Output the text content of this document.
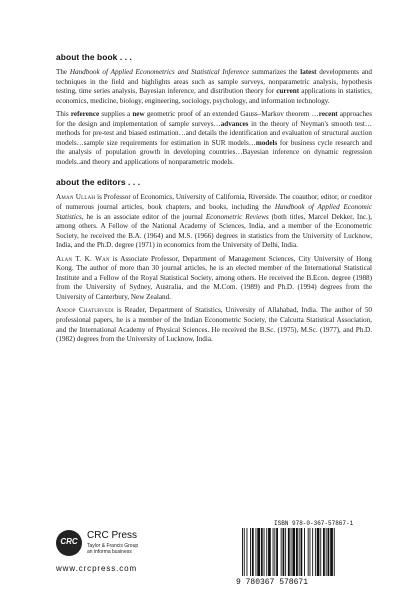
about the book . . .

The Handbook of Applied Econometrics and Statistical Inference summarizes the latest developments and techniques in the field and highlights areas such as sample surveys, nonparametric analysis, hypothesis testing, time series analysis, Bayesian inference, and distribution theory for current applications in statistics, economics, medicine, biology, engineering, sociology, psychology, and information technology.

This reference supplies a new geometric proof of an extended Gauss–Markov theorem …recent approaches for the design and implementation of sample surveys…advances in the theory of Neyman's smooth test…methods for pre-test and biased estimation…and details the identification and evaluation of structural auction models…sample size requirements for estimation in SUR models…models for business cycle research and the analysis of population growth in developing countries…Bayesian inference on dynamic regression models..and theory and applications of nonparametric models.

about the editors . . .

Aman Ullah is Professor of Economics, University of California, Riverside. The coauthor, editor, or coeditor of numerous journal articles, book chapters, and books, including the Handbook of Applied Economic Statistics, he is an associate editor of the journal Econometric Reviews (both titles, Marcel Dekker, Inc.), among others. A Fellow of the National Academy of Sciences, India, and a member of the Econometric Society, he received the B.A. (1964) and M.S. (1966) degrees in statistics from the University of Lucknow, India, and the Ph.D. degree (1971) in economics from the University of Delhi, India.

Alan T. K. Wan is Associate Professor, Department of Management Sciences, City University of Hong Kong. The author of more than 30 journal articles, he is an elected member of the International Statistical Institute and a Fellow of the Royal Statistical Society, among others. He received the B.Econ. degree (1988) from the University of Sydney, Australia, and the M.Com. (1989) and Ph.D. (1994) degrees from the University of Canterbury, New Zealand.

Anoop Chaturvedi is Reader, Department of Statistics, University of Allahabad, India. The author of 50 professional papers, he is a member of the Indian Econometric Society, the Calcutta Statistical Association, and the International Academy of Physical Sciences. He received the B.Sc. (1975), M.Sc. (1977), and Ph.D. (1982) degrees from the University of Lucknow, India.

CRC
CRC Press
Taylor & Francis Group
an informa business
www.crcpress.com
ISBN 978-0-367-57867-1
9 780367 578671
